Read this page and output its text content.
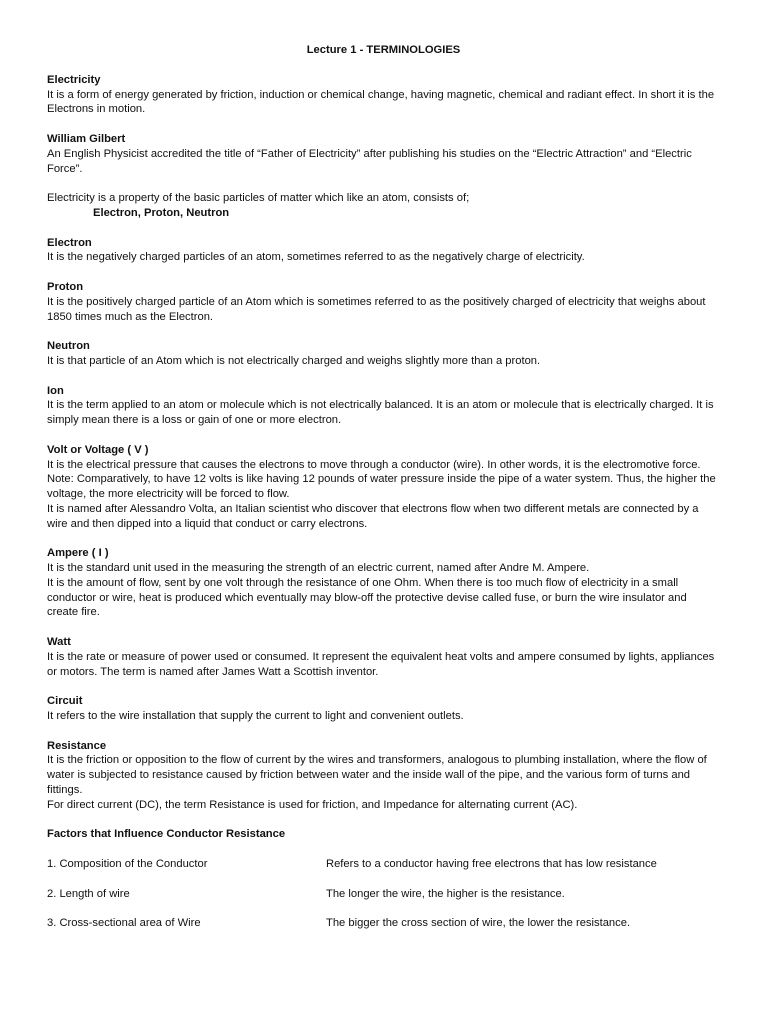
Lecture 1 - TERMINOLOGIES

Electricity

It is a form of energy generated by friction, induction or chemical change, having magnetic, chemical and radiant effect. In short it is the Electrons in motion.

William Gilbert

An English Physicist accredited the title of “Father of Electricity” after publishing his studies on the “Electric Attraction” and “Electric Force”.

Electricity is a property of the basic particles of matter which like an atom, consists of;

Electron, Proton, Neutron

Electron

It is the negatively charged particles of an atom, sometimes referred to as the negatively charge of electricity.

Proton

It is the positively charged particle of an Atom which is sometimes referred to as the positively charged of electricity that weighs about 1850 times much as the Electron.

Neutron

It is that particle of an Atom which is not electrically charged and weighs slightly more than a proton.

Ion

It is the term applied to an atom or molecule which is not electrically balanced. It is an atom or molecule that is electrically charged. It is simply mean there is a loss or gain of one or more electron.

Volt or Voltage ( V )

It is the electrical pressure that causes the electrons to move through a conductor (wire). In other words, it is the electromotive force.

Note: Comparatively, to have 12 volts is like having 12 pounds of water pressure inside the pipe of a water system. Thus, the higher the voltage, the more electricity will be forced to flow.

It is named after Alessandro Volta, an Italian scientist who discover that electrons flow when two different metals are connected by a wire and then dipped into a liquid that conduct or carry electrons.

Ampere ( I )

It is the standard unit used in the measuring the strength of an electric current, named after Andre M. Ampere.

It is the amount of flow, sent by one volt through the resistance of one Ohm. When there is too much flow of electricity in a small conductor or wire, heat is produced which eventually may blow-off the protective devise called fuse, or burn the wire insulator and create fire.

Watt

It is the rate or measure of power used or consumed. It represent the equivalent heat volts and ampere consumed by lights, appliances or motors. The term is named after James Watt a Scottish inventor.

Circuit

It refers to the wire installation that supply the current to light and convenient outlets.

Resistance

It is the friction or opposition to the flow of current by the wires and transformers, analogous to plumbing installation, where the flow of water is subjected to resistance caused by friction between water and the inside wall of the pipe, and the various form of turns and fittings.

For direct current (DC), the term Resistance is used for friction, and Impedance for alternating current (AC).

Factors that Influence Conductor Resistance

1. Composition of the Conductor	Refers to a conductor having free electrons that has low resistance
2. Length of wire	The longer the wire, the higher is the resistance.
3. Cross-sectional area of Wire	The bigger the cross section of wire, the lower the resistance.
